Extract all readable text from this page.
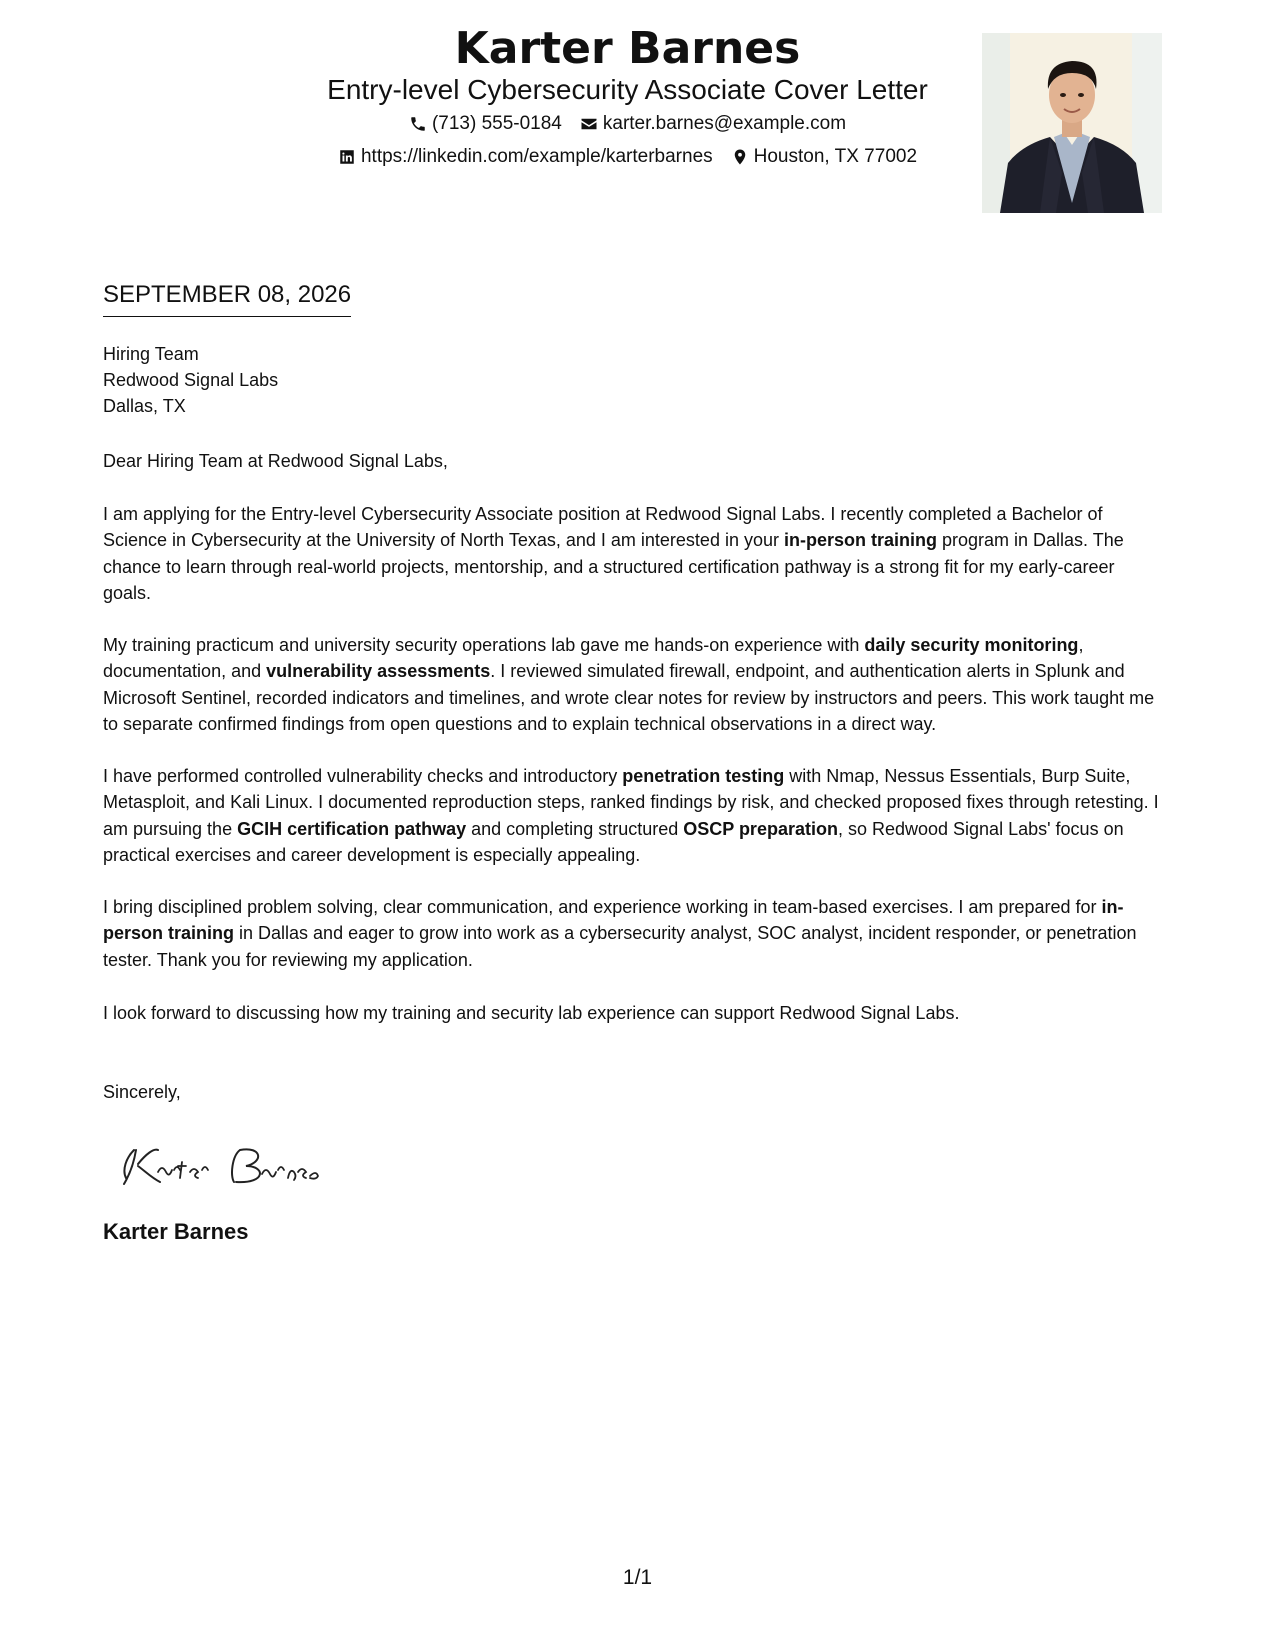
Karter Barnes
Entry-level Cybersecurity Associate Cover Letter
(713) 555-0184 karter.barnes@example.com
https://linkedin.com/example/karterbarnes Houston, TX 77002
SEPTEMBER 08, 2026
Hiring Team
Redwood Signal Labs
Dallas, TX
Dear Hiring Team at Redwood Signal Labs,

I am applying for the Entry-level Cybersecurity Associate position at Redwood Signal Labs. I recently completed a Bachelor of Science in Cybersecurity at the University of North Texas, and I am interested in your in-person training program in Dallas. The chance to learn through real-world projects, mentorship, and a structured certification pathway is a strong fit for my early-career goals.

My training practicum and university security operations lab gave me hands-on experience with daily security monitoring, documentation, and vulnerability assessments. I reviewed simulated firewall, endpoint, and authentication alerts in Splunk and Microsoft Sentinel, recorded indicators and timelines, and wrote clear notes for review by instructors and peers. This work taught me to separate confirmed findings from open questions and to explain technical observations in a direct way.

I have performed controlled vulnerability checks and introductory penetration testing with Nmap, Nessus Essentials, Burp Suite, Metasploit, and Kali Linux. I documented reproduction steps, ranked findings by risk, and checked proposed fixes through retesting. I am pursuing the GCIH certification pathway and completing structured OSCP preparation, so Redwood Signal Labs' focus on practical exercises and career development is especially appealing.

I bring disciplined problem solving, clear communication, and experience working in team-based exercises. I am prepared for in-person training in Dallas and eager to grow into work as a cybersecurity analyst, SOC analyst, incident responder, or penetration tester. Thank you for reviewing my application.

I look forward to discussing how my training and security lab experience can support Redwood Signal Labs.

Sincerely,
Karter Barnes
1/1
